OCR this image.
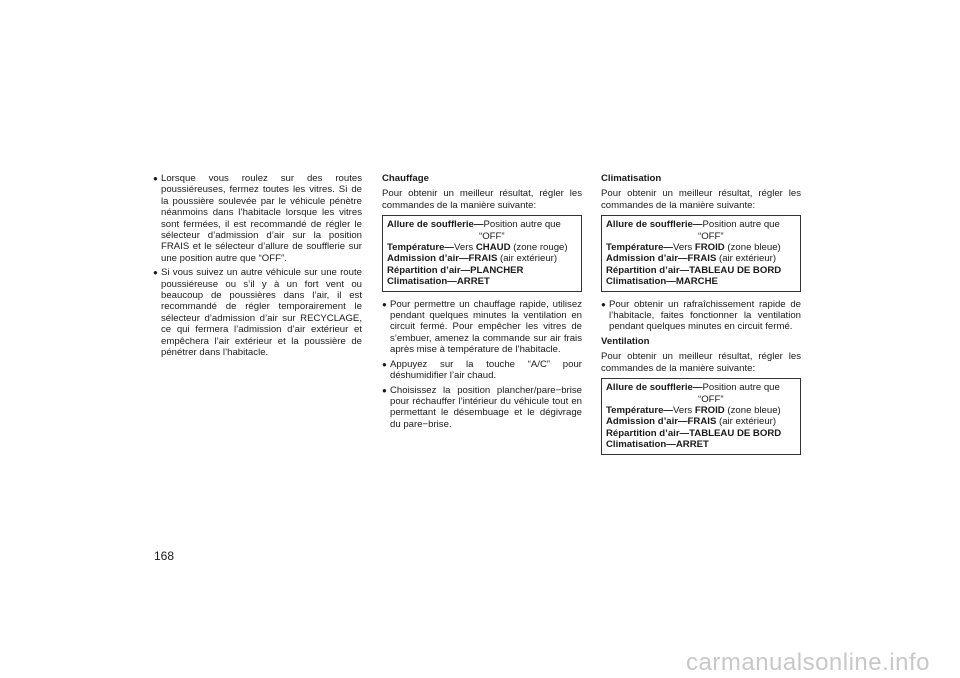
● Lorsque vous roulez sur des routes poussiéreuses, fermez toutes les vitres. Si de la poussière soulevée par le véhicule pénètre néanmoins dans l’habitacle lorsque les vitres sont fermées, il est recommandé de régler le sélecteur d’admission d’air sur la position FRAIS et le sélecteur d’allure de soufflerie sur une position autre que “OFF”.
● Si vous suivez un autre véhicule sur une route poussiéreuse ou s’il y à un fort vent ou beaucoup de poussières dans l’air, il est recommandé de régler temporairement le sélecteur d’admission d’air sur RECYCLAGE, ce qui fermera l’admission d’air extérieur et empêchera l’air extérieur et la poussière de pénétrer dans l’habitacle.
Chauffage
Pour obtenir un meilleur résultat, régler les commandes de la manière suivante:
Allure de soufflerie—Position autre que
“OFF”
Température—Vers CHAUD (zone rouge)
Admission d’air—FRAIS (air extérieur)
Répartition d’air—PLANCHER
Climatisation—ARRET
● Pour permettre un chauffage rapide, utilisez pendant quelques minutes la ventilation en circuit fermé. Pour empêcher les vitres de s’embuer, amenez la commande sur air frais après mise à température de l’habitacle.
● Appuyez sur la touche “A/C” pour déshumidifier l’air chaud.
● Choisissez la position plancher/pare−brise pour réchauffer l’intérieur du véhicule tout en permettant le désembuage et le dégivrage du pare−brise.
Climatisation
Pour obtenir un meilleur résultat, régler les commandes de la manière suivante:
Allure de soufflerie—Position autre que
“OFF”
Température—Vers FROID (zone bleue)
Admission d’air—FRAIS (air extérieur)
Répartition d’air—TABLEAU DE BORD
Climatisation—MARCHE
● Pour obtenir un rafraîchissement rapide de l’habitacle, faites fonctionner la ventilation pendant quelques minutes en circuit fermé.
Ventilation
Pour obtenir un meilleur résultat, régler les commandes de la manière suivante:
Allure de soufflerie—Position autre que
“OFF”
Température—Vers FROID (zone bleue)
Admission d’air—FRAIS (air extérieur)
Répartition d’air—TABLEAU DE BORD
Climatisation—ARRET
168
carmanualsonline.info
